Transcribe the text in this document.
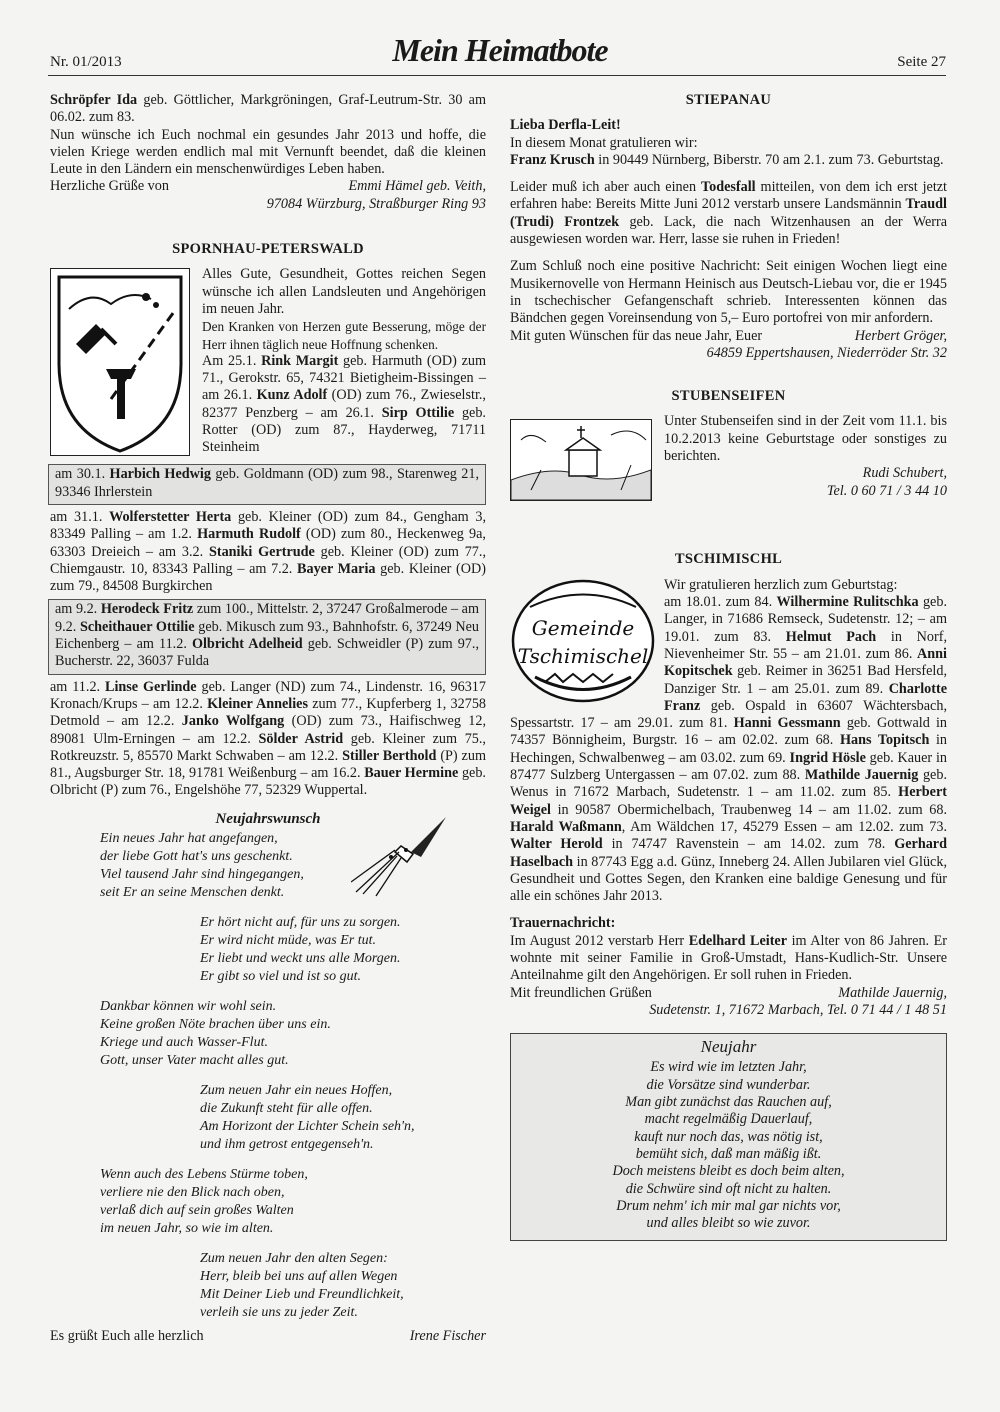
Nr. 01/2013	Mein Heimatbote	Seite 27

Schröpfer Ida geb. Göttlicher, Markgröningen, Graf-Leutrum-Str. 30 am 06.02. zum 83.

Nun wünsche ich Euch nochmal ein gesundes Jahr 2013 und hoffe, die vielen Kriege werden endlich mal mit Vernunft beendet, daß die kleinen Leute in den Ländern ein menschenwürdiges Leben haben.

Herzliche Grüße von	Emmi Hämel geb. Veith,

97084 Würzburg, Straßburger Ring 93

SPORNHAU-PETERSWALD

Alles Gute, Gesundheit, Gottes reichen Segen wünsche ich allen Landsleuten und Angehörigen im neuen Jahr.

Den Kranken von Herzen gute Besserung, möge der Herr ihnen täglich neue Hoffnung schenken.

Am 25.1. Rink Margit geb. Harmuth (OD) zum 71., Gerokstr. 65, 74321 Bietigheim-Bissingen – am 26.1. Kunz Adolf (OD) zum 76., Zwieselstr., 82377 Penzberg – am 26.1. Sirp Ottilie geb. Rotter (OD) zum 87., Hayderweg, 71711 Steinheim

am 30.1. Harbich Hedwig geb. Goldmann (OD) zum 98., Starenweg 21, 93346 Ihrlerstein

am 31.1. Wolferstetter Herta geb. Kleiner (OD) zum 84., Gengham 3, 83349 Palling – am 1.2. Harmuth Rudolf (OD) zum 80., Heckenweg 9a, 63303 Dreieich – am 3.2. Staniki Gertrude geb. Kleiner (OD) zum 77., Chiemgaustr. 10, 83343 Palling – am 7.2. Bayer Maria geb. Kleiner (OD) zum 79., 84508 Burgkirchen

am 9.2. Herodeck Fritz zum 100., Mittelstr. 2, 37247 Großalmerode – am 9.2. Scheithauer Ottilie geb. Mikusch zum 93., Bahnhofstr. 6, 37249 Neu Eichenberg – am 11.2. Olbricht Adelheid geb. Schweidler (P) zum 97., Bucherstr. 22, 36037 Fulda

am 11.2. Linse Gerlinde geb. Langer (ND) zum 74., Lindenstr. 16, 96317 Kronach/Krups – am 12.2. Kleiner Annelies zum 77., Kupferberg 1, 32758 Detmold – am 12.2. Janko Wolfgang (OD) zum 73., Haifischweg 12, 89081 Ulm-Erningen – am 12.2. Sölder Astrid geb. Kleiner zum 75., Rotkreuzstr. 5, 85570 Markt Schwaben – am 12.2. Stiller Berthold (P) zum 81., Augsburger Str. 18, 91781 Weißenburg – am 16.2. Bauer Hermine geb. Olbricht (P) zum 76., Engelshöhe 77, 52329 Wuppertal.

Neujahrswunsch
Ein neues Jahr hat angefangen,
der liebe Gott hat's uns geschenkt.
Viel tausend Jahr sind hingegangen,
seit Er an seine Menschen denkt.
Er hört nicht auf, für uns zu sorgen.
Er wird nicht müde, was Er tut.
Er liebt und weckt uns alle Morgen.
Er gibt so viel und ist so gut.
Dankbar können wir wohl sein.
Keine großen Nöte brachen über uns ein.
Kriege und auch Wasser-Flut.
Gott, unser Vater macht alles gut.
Zum neuen Jahr ein neues Hoffen,
die Zukunft steht für alle offen.
Am Horizont der Lichter Schein seh'n,
und ihm getrost entgegenseh'n.
Wenn auch des Lebens Stürme toben,
verliere nie den Blick nach oben,
verlaß dich auf sein großes Walten
im neuen Jahr, so wie im alten.
Zum neuen Jahr den alten Segen:
Herr, bleib bei uns auf allen Wegen
Mit Deiner Lieb und Freundlichkeit,
verleih sie uns zu jeder Zeit.
Es grüßt Euch alle herzlich	Irene Fischer
STIEPANAU

Lieba Derfla-Leit!

In diesem Monat gratulieren wir:

Franz Krusch in 90449 Nürnberg, Biberstr. 70 am 2.1. zum 73. Geburtstag.

Leider muß ich aber auch einen Todesfall mitteilen, von dem ich erst jetzt erfahren habe: Bereits Mitte Juni 2012 verstarb unsere Landsmännin Traudl (Trudi) Frontzek geb. Lack, die nach Witzenhausen an der Werra ausgewiesen worden war. Herr, lasse sie ruhen in Frieden!

Zum Schluß noch eine positive Nachricht: Seit einigen Wochen liegt eine Musikernovelle von Hermann Heinisch aus Deutsch-Liebau vor, die er 1945 in tschechischer Gefangenschaft schrieb. Interessenten können das Bändchen gegen Voreinsendung von 5,– Euro portofrei von mir anfordern.

Mit guten Wünschen für das neue Jahr, Euer	Herbert Gröger,

64859 Eppertshausen, Niederröder Str. 32

STUBENSEIFEN

Unter Stubenseifen sind in der Zeit vom 11.1. bis 10.2.2013 keine Geburtstage oder sonstiges zu berichten.

Rudi Schubert,

Tel. 0 60 71 / 3 44 10

TSCHIMISCHL
Gemeinde
Tschimischel

Wir gratulieren herzlich zum Geburtstag:

am 18.01. zum 84. Wilhermine Rulitschka geb. Langer, in 71686 Remseck, Sudetenstr. 12; – am 19.01. zum 83. Helmut Pach in Norf, Nievenheimer Str. 55 – am 21.01. zum 86. Anni Kopitschek geb. Reimer in 36251 Bad Hersfeld, Danziger Str. 1 – am 25.01. zum 89. Charlotte Franz geb. Ospald in 63607 Wächtersbach, Spessartstr. 17 – am 29.01. zum 81. Hanni Gessmann geb. Gottwald in 74357 Bönnigheim, Burgstr. 16 – am 02.02. zum 68. Hans Topitsch in Hechingen, Schwalbenweg – am 03.02. zum 69. Ingrid Hösle geb. Kauer in 87477 Sulzberg Untergassen – am 07.02. zum 88. Mathilde Jauernig geb. Wenus in 71672 Marbach, Sudetenstr. 1 – am 11.02. zum 85. Herbert Weigel in 90587 Obermichelbach, Traubenweg 14 – am 11.02. zum 68. Harald Waßmann, Am Wäldchen 17, 45279 Essen – am 12.02. zum 73. Walter Herold in 74747 Ravenstein – am 14.02. zum 78. Gerhard Haselbach in 87743 Egg a.d. Günz, Inneberg 24. Allen Jubilaren viel Glück, Gesundheit und Gottes Segen, den Kranken eine baldige Genesung und für alle ein schönes Jahr 2013.

Trauernachricht:

Im August 2012 verstarb Herr Edelhard Leiter im Alter von 86 Jahren. Er wohnte mit seiner Familie in Groß-Umstadt, Hans-Kudlich-Str. Unsere Anteilnahme gilt den Angehörigen. Er soll ruhen in Frieden.

Mit freundlichen Grüßen	Mathilde Jauernig,

Sudetenstr. 1, 71672 Marbach, Tel. 0 71 44 / 1 48 51

Neujahr
Es wird wie im letzten Jahr,
die Vorsätze sind wunderbar.
Man gibt zunächst das Rauchen auf,
macht regelmäßig Dauerlauf,
kauft nur noch das, was nötig ist,
bemüht sich, daß man mäßig ißt.
Doch meistens bleibt es doch beim alten,
die Schwüre sind oft nicht zu halten.
Drum nehm' ich mir mal gar nichts vor,
und alles bleibt so wie zuvor.
